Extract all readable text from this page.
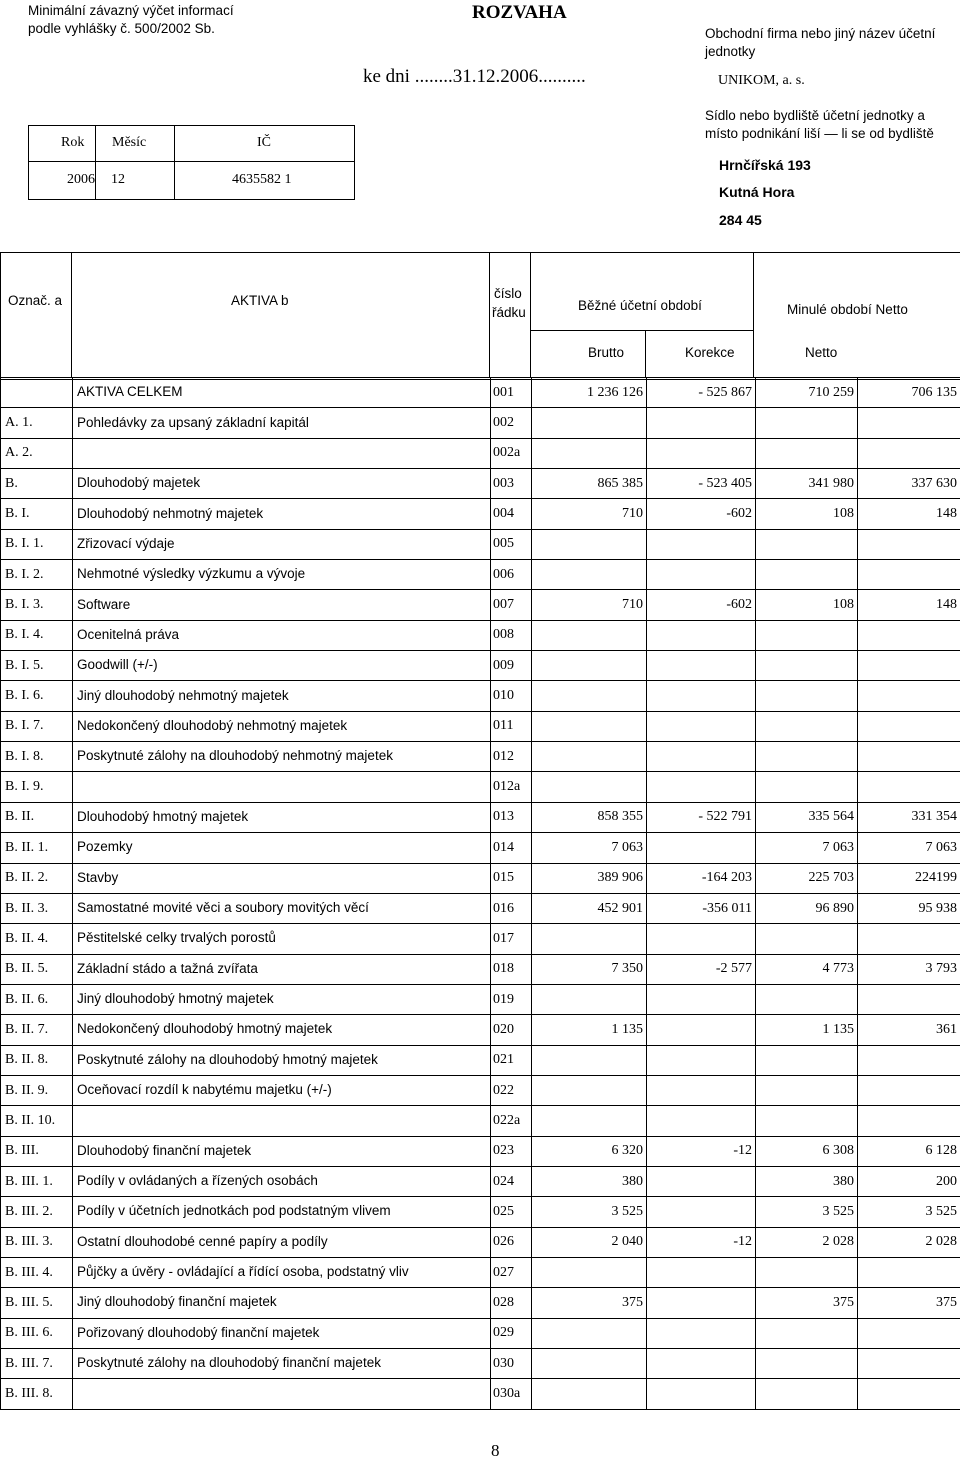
Minimální závazný výčet informací
podle vyhlášky č. 500/2002 Sb.
ROZVAHA
ke dni ........31.12.2006..........
Obchodní firma nebo jiný název účetní
jednotky
UNIKOM, a. s.
Sídlo nebo bydliště účetní jednotky a
místo podnikání liší — li se od bydliště
Hrnčířská 193
Kutná Hora
284 45
Rok Měsíc	IČ
2006 12	4635582 1
Označ. a	AKTIVA b	číslo
řádku	Běžné účetní období	Minulé období Netto
Brutto	Korekce	Netto
	AKTIVA CELKEM	001	1 236 126	- 525 867	710 259	706 135
A. 1.	Pohledávky za upsaný základní kapitál	002				
A. 2.		002a				
B.	Dlouhodobý majetek	003	865 385	- 523 405	341 980	337 630
B. I.	Dlouhodobý nehmotný majetek	004	710	-602	108	148
B. I. 1.	Zřizovací výdaje	005				
B. I. 2.	Nehmotné výsledky výzkumu a vývoje	006				
B. I. 3.	Software	007	710	-602	108	148
B. I. 4.	Ocenitelná práva	008				
B. I. 5.	Goodwill (+/-)	009				
B. I. 6.	Jiný dlouhodobý nehmotný majetek	010				
B. I. 7.	Nedokončený dlouhodobý nehmotný majetek	011				
B. I. 8.	Poskytnuté zálohy na dlouhodobý nehmotný majetek	012				
B. I. 9.		012a				
B. II.	Dlouhodobý hmotný majetek	013	858 355	- 522 791	335 564	331 354
B. II. 1.	Pozemky	014	7 063		7 063	7 063
B. II. 2.	Stavby	015	389 906	-164 203	225 703	224199
B. II. 3.	Samostatné movité věci a soubory movitých věcí	016	452 901	-356 011	96 890	95 938
B. II. 4.	Pěstitelské celky trvalých porostů	017				
B. II. 5.	Základní stádo a tažná zvířata	018	7 350	-2 577	4 773	3 793
B. II. 6.	Jiný dlouhodobý hmotný majetek	019				
B. II. 7.	Nedokončený dlouhodobý hmotný majetek	020	1 135		1 135	361
B. II. 8.	Poskytnuté zálohy na dlouhodobý hmotný majetek	021				
B. II. 9.	Oceňovací rozdíl k nabytému majetku (+/-)	022				
B. II. 10.		022a				
B. III.	Dlouhodobý finanční majetek	023	6 320	-12	6 308	6 128
B. III. 1.	Podíly v ovládaných a řízených osobách	024	380		380	200
B. III. 2.	Podíly v účetních jednotkách pod podstatným vlivem	025	3 525		3 525	3 525
B. III. 3.	Ostatní dlouhodobé cenné papíry a podíly	026	2 040	-12	2 028	2 028
B. III. 4.	Půjčky a úvěry - ovládající a řídící osoba, podstatný vliv	027				
B. III. 5.	Jiný dlouhodobý finanční majetek	028	375		375	375
B. III. 6.	Pořizovaný dlouhodobý finanční majetek	029				
B. III. 7.	Poskytnuté zálohy na dlouhodobý finanční majetek	030				
B. III. 8.		030a				
8
